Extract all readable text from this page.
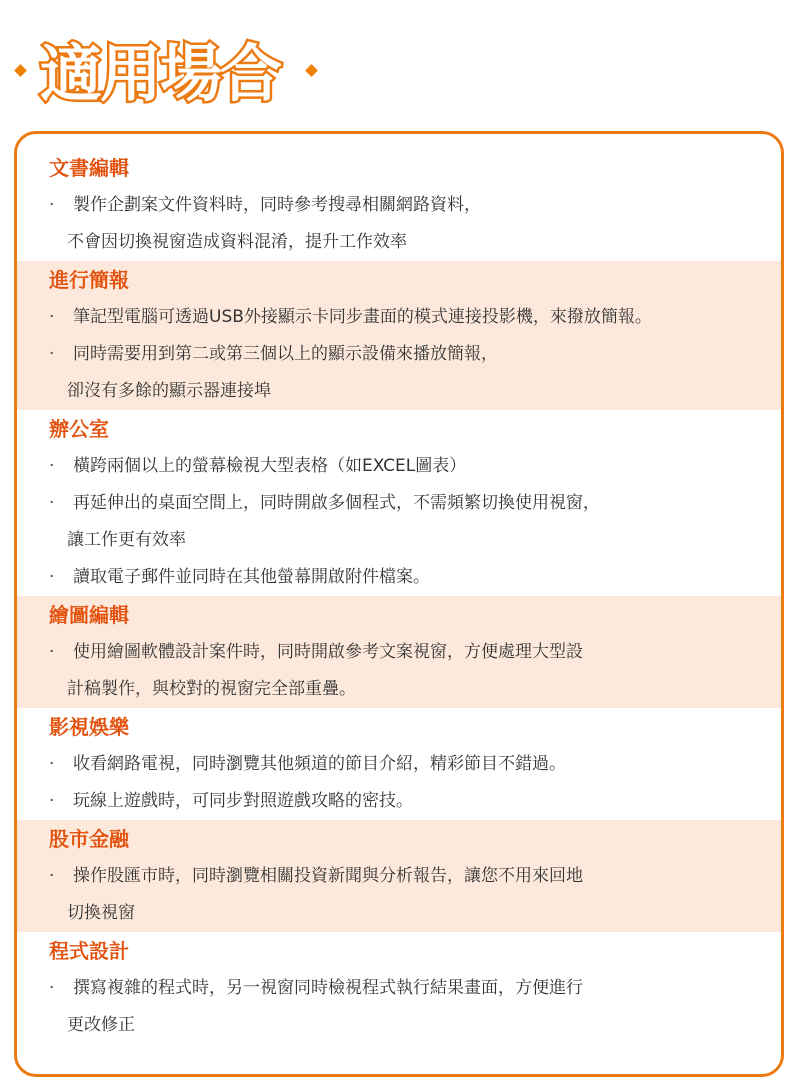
適用場合
文書編輯
· 製作企劃案文件資料時，同時參考搜尋相關網路資料，
不會因切換視窗造成資料混淆，提升工作效率
進行簡報
· 筆記型電腦可透過USB外接顯示卡同步畫面的模式連接投影機，來撥放簡報。
· 同時需要用到第二或第三個以上的顯示設備來播放簡報，
卻沒有多餘的顯示器連接埠
辦公室
· 橫跨兩個以上的螢幕檢視大型表格（如EXCEL圖表）
· 再延伸出的桌面空間上，同時開啟多個程式，不需頻繁切換使用視窗，
讓工作更有效率
· 讀取電子郵件並同時在其他螢幕開啟附件檔案。
繪圖編輯
· 使用繪圖軟體設計案件時，同時開啟參考文案視窗，方便處理大型設
計稿製作，與校對的視窗完全部重疊。
影視娛樂
· 收看網路電視，同時瀏覽其他頻道的節目介紹，精彩節目不錯過。
· 玩線上遊戲時，可同步對照遊戲攻略的密技。
股市金融
· 操作股匯市時，同時瀏覽相關投資新聞與分析報告，讓您不用來回地
切換視窗
程式設計
· 撰寫複雜的程式時，另一視窗同時檢視程式執行結果畫面，方便進行
更改修正
